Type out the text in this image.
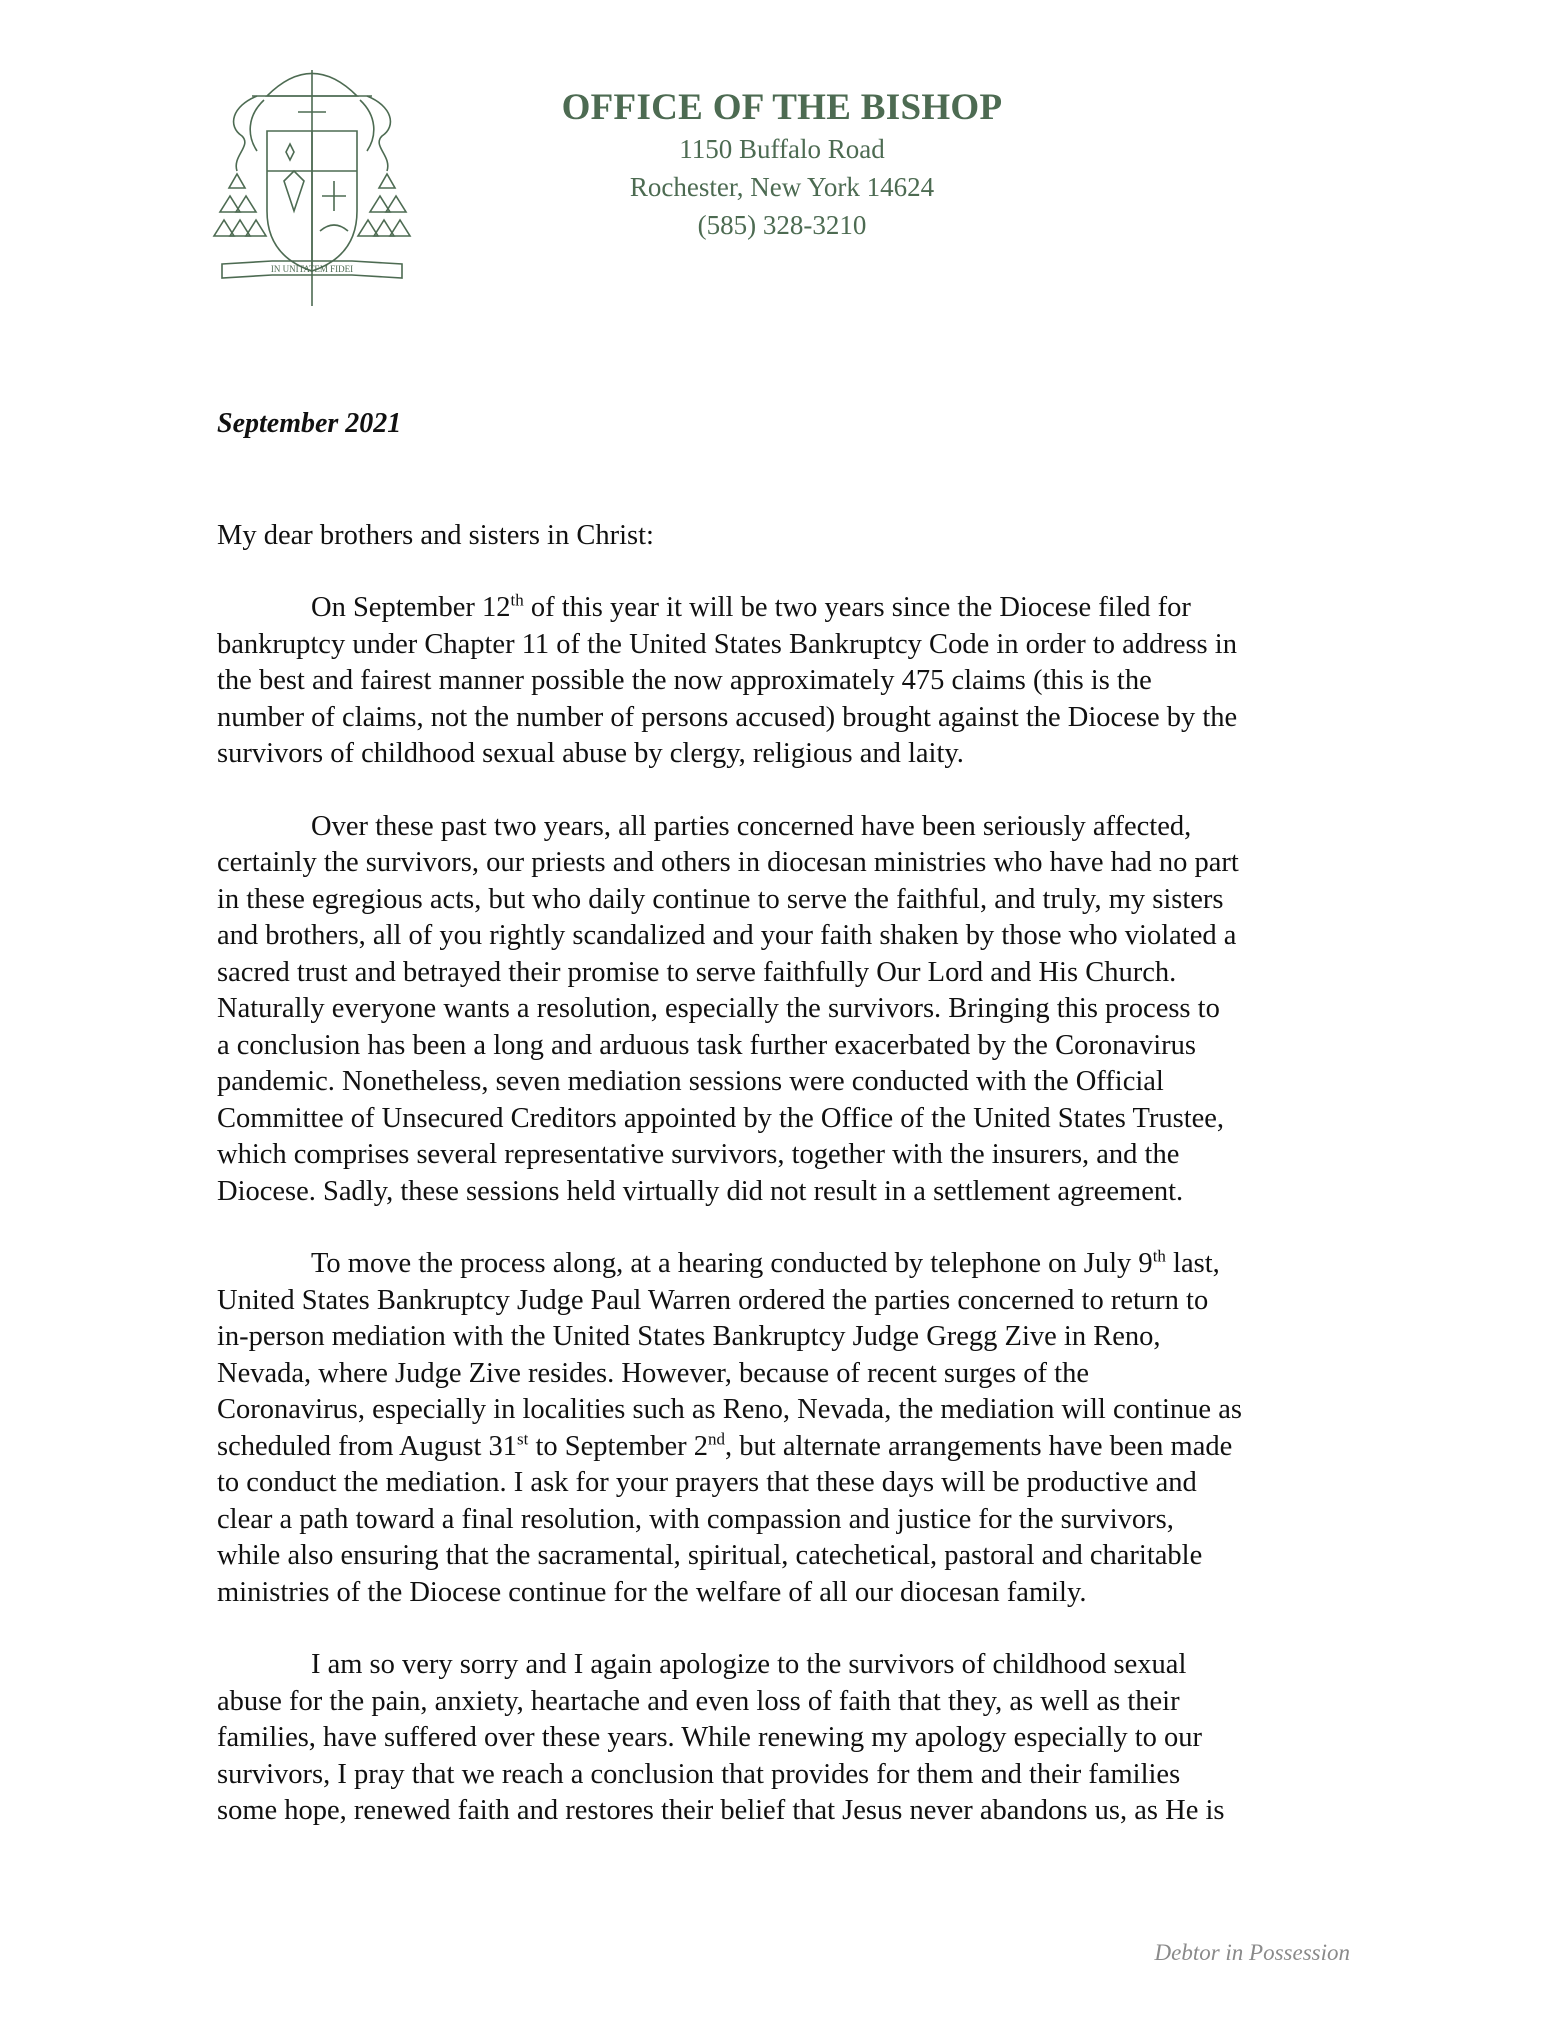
IN UNITATEM FIDEI
OFFICE OF THE BISHOP
1150 Buffalo Road
Rochester, New York 14624
(585) 328-3210
September 2021
My dear brothers and sisters in Christ:

On September 12th of this year it will be two years since the Diocese filed for
bankruptcy under Chapter 11 of the United States Bankruptcy Code in order to address in
the best and fairest manner possible the now approximately 475 claims (this is the
number of claims, not the number of persons accused) brought against the Diocese by the
survivors of childhood sexual abuse by clergy, religious and laity.

Over these past two years, all parties concerned have been seriously affected,
certainly the survivors, our priests and others in diocesan ministries who have had no part
in these egregious acts, but who daily continue to serve the faithful, and truly, my sisters
and brothers, all of you rightly scandalized and your faith shaken by those who violated a
sacred trust and betrayed their promise to serve faithfully Our Lord and His Church.
Naturally everyone wants a resolution, especially the survivors. Bringing this process to
a conclusion has been a long and arduous task further exacerbated by the Coronavirus
pandemic. Nonetheless, seven mediation sessions were conducted with the Official
Committee of Unsecured Creditors appointed by the Office of the United States Trustee,
which comprises several representative survivors, together with the insurers, and the
Diocese. Sadly, these sessions held virtually did not result in a settlement agreement.

To move the process along, at a hearing conducted by telephone on July 9th last,
United States Bankruptcy Judge Paul Warren ordered the parties concerned to return to
in-person mediation with the United States Bankruptcy Judge Gregg Zive in Reno,
Nevada, where Judge Zive resides. However, because of recent surges of the
Coronavirus, especially in localities such as Reno, Nevada, the mediation will continue as
scheduled from August 31st to September 2nd, but alternate arrangements have been made
to conduct the mediation. I ask for your prayers that these days will be productive and
clear a path toward a final resolution, with compassion and justice for the survivors,
while also ensuring that the sacramental, spiritual, catechetical, pastoral and charitable
ministries of the Diocese continue for the welfare of all our diocesan family.

I am so very sorry and I again apologize to the survivors of childhood sexual
abuse for the pain, anxiety, heartache and even loss of faith that they, as well as their
families, have suffered over these years. While renewing my apology especially to our
survivors, I pray that we reach a conclusion that provides for them and their families
some hope, renewed faith and restores their belief that Jesus never abandons us, as He is

Debtor in Possession
